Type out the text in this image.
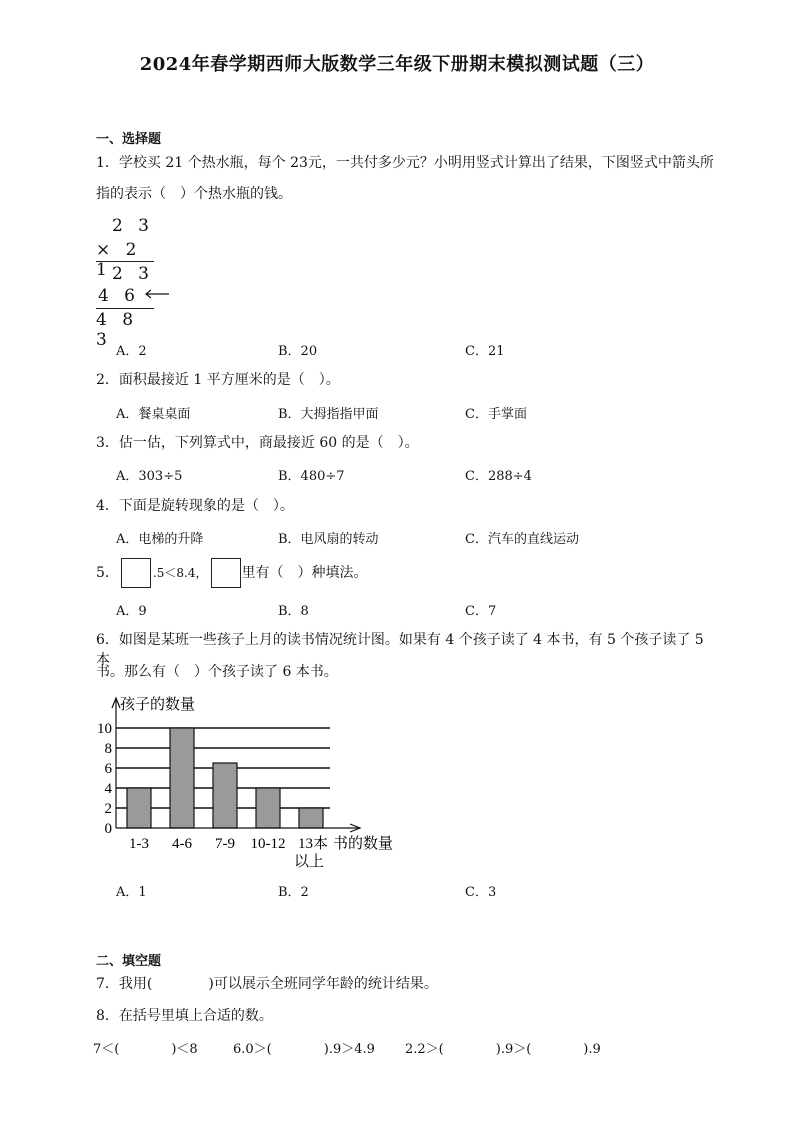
2024年春学期西师大版数学三年级下册期末模拟测试题（三）
一、选择题
1．学校买 21 个热水瓶，每个 23元，一共付多少元？小明用竖式计算出了结果，下图竖式中箭头所
指的表示（　）个热水瓶的钱。
2 3
× 2 1 2 3
4 6
4 8 3
A．2	B．20	C．21
2．面积最接近 1 平方厘米的是（　）。
A．餐桌桌面	B．大拇指指甲面	C．手掌面
3．估一估，下列算式中，商最接近 60 的是（　）。
A．303÷5	B．480÷7	C．288÷4
4．下面是旋转现象的是（　）。
A．电梯的升降	B．电风扇的转动	C．汽车的直线运动
5．	.5＜8.4， 里有（　）种填法。
A．9	B．8	C．7
6．如图是某班一些孩子上月的读书情况统计图。如果有 4 个孩子读了 4 本书，有 5 个孩子读了 5 本
书。那么有（　）个孩子读了 6 本书。
0
2
4
6
8
10
1-3 4-6 7-9 10-12 13本
以上
孩子的数量
书的数量
A．1	B．2	C．3
二、填空题
7．我用(　　　　)可以展示全班同学年龄的统计结果。
8．在括号里填上合适的数。
7＜(　　　　)＜8	6.0＞(　　　　).9＞4.9 2.2＞(　　　　).9＞(　　　　).9
